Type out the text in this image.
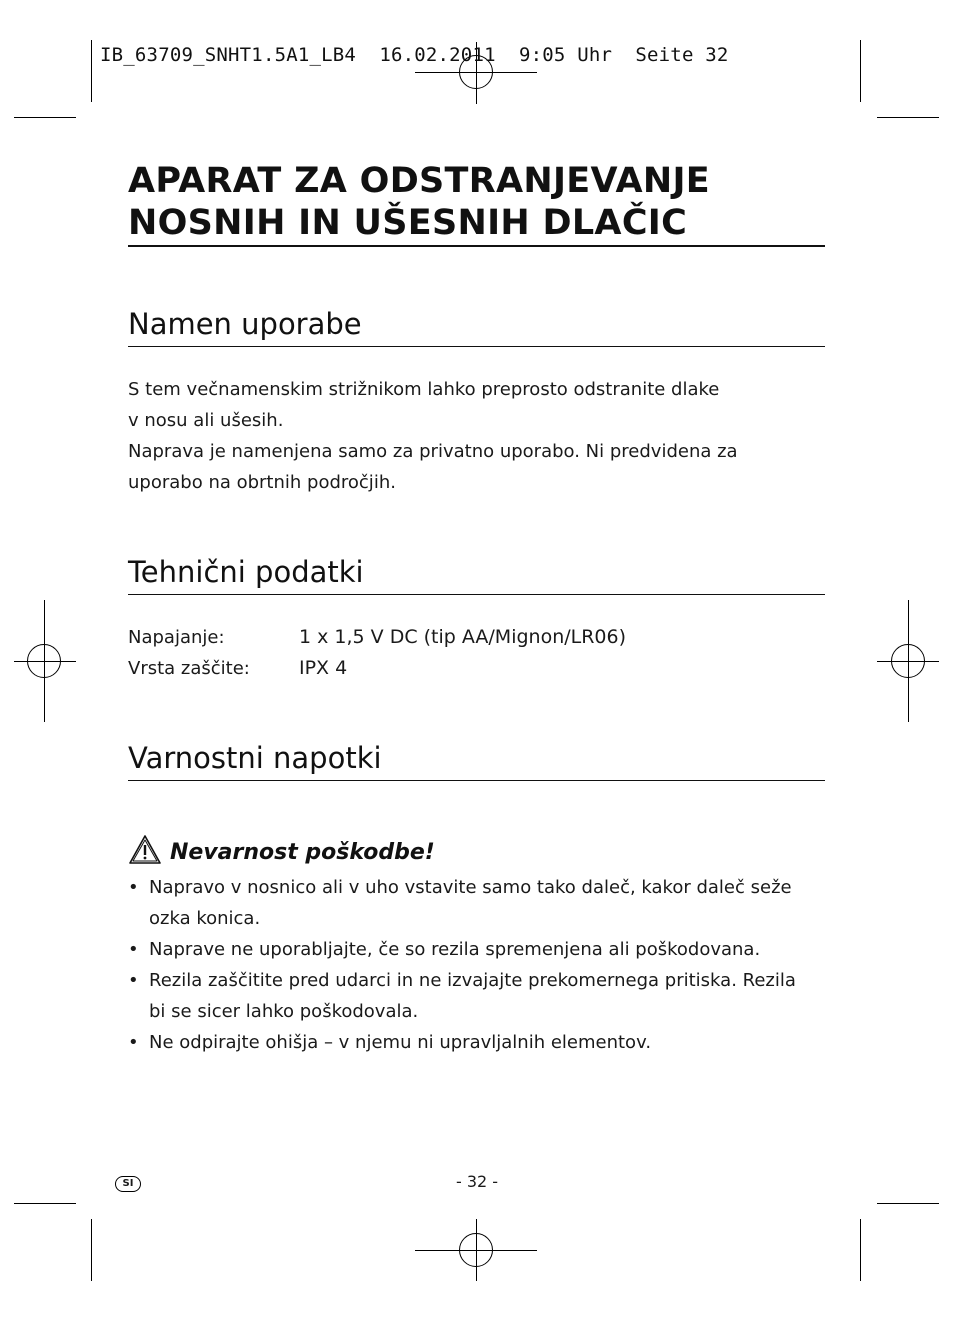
IB_63709_SNHT1.5A1_LB4  16.02.2011  9:05 Uhr  Seite 32
APARAT ZA ODSTRANJEVANJE
NOSNIH IN UŠESNIH DLAČIC
Namen uporabe

S tem večnamenskim strižnikom lahko preprosto odstranite dlake

v nosu ali ušesih.

Naprava je namenjena samo za privatno uporabo. Ni predvidena za

uporabo na obrtnih področjih.

Tehnični podatki
Napajanje:	1 x 1,5 V DC (tip AA/Mignon/LR06)
Vrsta zaščite:	IPX 4
Varnostni napotki
Nevarnost poškodbe!
• Napravo v nosnico ali v uho vstavite samo tako daleč, kakor daleč seže
ozka konica.
• Naprave ne uporabljajte, če so rezila spremenjena ali poškodovana.
• Rezila zaščitite pred udarci in ne izvajajte prekomernega pritiska. Rezila
bi se sicer lahko poškodovala.
• Ne odpirajte ohišja – v njemu ni upravljalnih elementov.
SI	- 32 -
